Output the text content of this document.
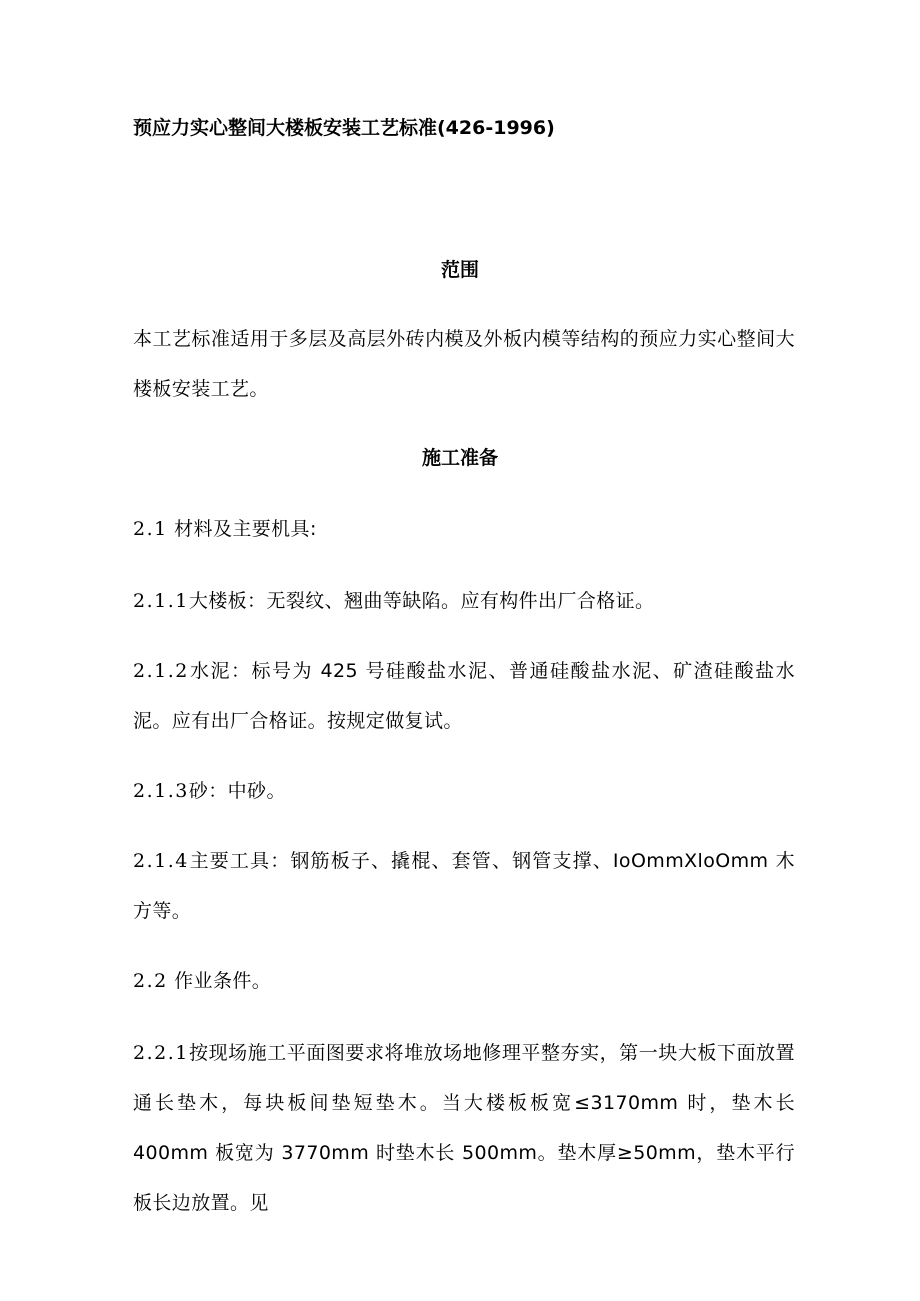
预应力实心整间大楼板安装工艺标准(426-1996)
范围

本工艺标准适用于多层及高层外砖内模及外板内模等结构的预应力实心整间大楼板安装工艺。

施工准备

2.1 材料及主要机具:

2.1.1大楼板：无裂纹、翘曲等缺陷。应有构件出厂合格证。

2.1.2水泥：标号为 425 号硅酸盐水泥、普通硅酸盐水泥、矿渣硅酸盐水泥。应有出厂合格证。按规定做复试。

2.1.3砂：中砂。

2.1.4主要工具：钢筋板子、撬棍、套管、钢管支撑、IoOmmXloOmm 木方等。

2.2 作业条件。

2.2.1按现场施工平面图要求将堆放场地修理平整夯实，第一块大板下面放置通长垫木，每块板间垫短垫木。当大楼板板宽≤3170mm 时，垫木长 400mm 板宽为 3770mm 时垫木长 500mm。垫木厚≥50mm，垫木平行板长边放置。见
